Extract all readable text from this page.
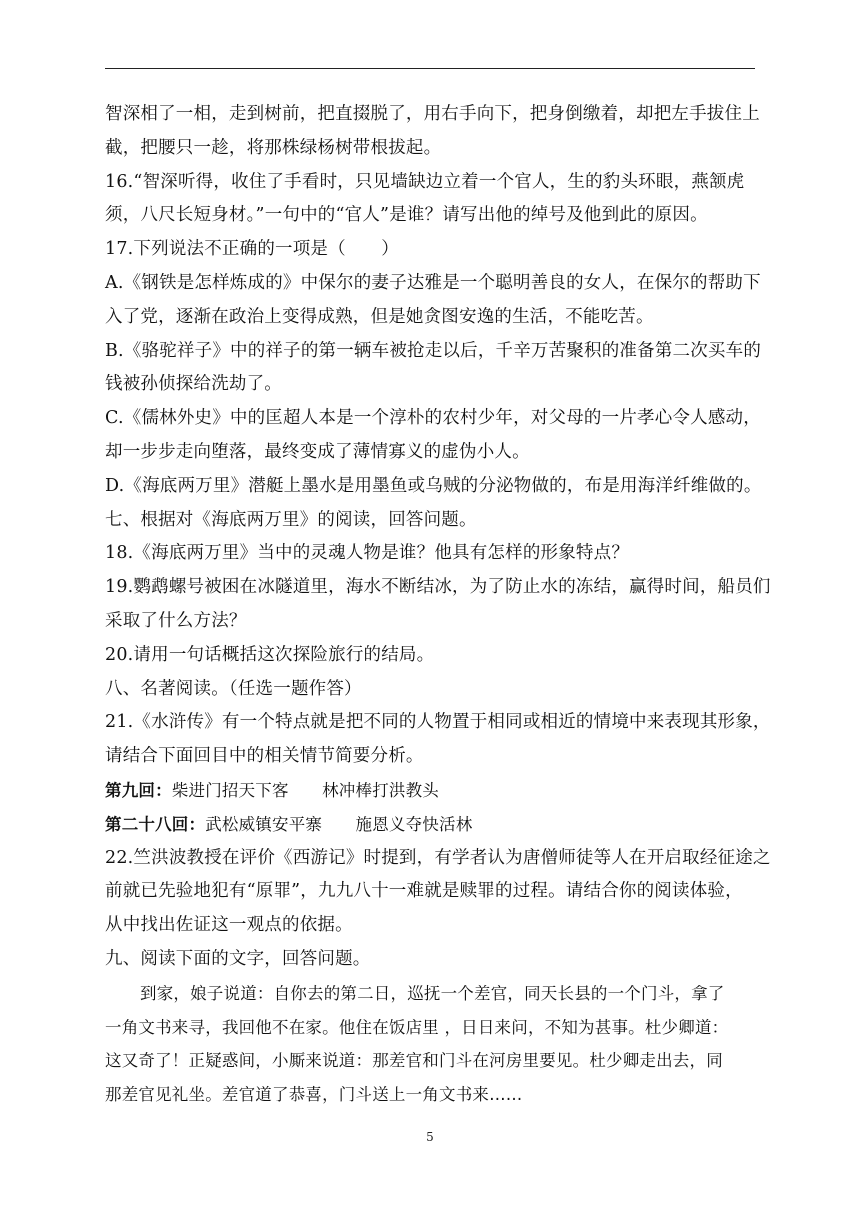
智深相了一相，走到树前，把直掇脱了，用右手向下，把身倒缴着，却把左手拔住上
截，把腰只一趁，将那株绿杨树带根拔起。
16.“智深听得，收住了手看时，只见墙缺边立着一个官人，生的豹头环眼，燕颔虎
须，八尺长短身材。”一句中的“官人”是谁？请写出他的绰号及他到此的原因。
17.下列说法不正确的一项是（　　）
A.《钢铁是怎样炼成的》中保尔的妻子达雅是一个聪明善良的女人，在保尔的帮助下
入了党，逐渐在政治上变得成熟，但是她贪图安逸的生活，不能吃苦。
B.《骆驼祥子》中的祥子的第一辆车被抢走以后，千辛万苦聚积的准备第二次买车的
钱被孙侦探给洗劫了。
C.《儒林外史》中的匡超人本是一个淳朴的农村少年，对父母的一片孝心令人感动，
却一步步走向堕落，最终变成了薄情寡义的虚伪小人。
D.《海底两万里》潜艇上墨水是用墨鱼或乌贼的分泌物做的，布是用海洋纤维做的。
七、根据对《海底两万里》的阅读，回答问题。
18.《海底两万里》当中的灵魂人物是谁？他具有怎样的形象特点？
19.鹦鹉螺号被困在冰隧道里，海水不断结冰，为了防止水的冻结，赢得时间，船员们
采取了什么方法？
20.请用一句话概括这次探险旅行的结局。
八、名著阅读。（任选一题作答）
21.《水浒传》有一个特点就是把不同的人物置于相同或相近的情境中来表现其形象，
请结合下面回目中的相关情节简要分析。
第九回：柴进门招天下客　　林冲棒打洪教头
第二十八回：武松威镇安平寨　　施恩义夺快活林
22.竺洪波教授在评价《西游记》时提到，有学者认为唐僧师徒等人在开启取经征途之
前就已先验地犯有“原罪”，九九八十一难就是赎罪的过程。请结合你的阅读体验，
从中找出佐证这一观点的依据。
九、阅读下面的文字，回答问题。
到家，娘子说道：自你去的第二日，巡抚一个差官，同天长县的一个门斗，拿了
一角文书来寻，我回他不在家。他住在饭店里 ，日日来问，不知为甚事。杜少卿道：
这又奇了！正疑惑间，小厮来说道：那差官和门斗在河房里要见。杜少卿走出去，同
那差官见礼坐。差官道了恭喜，门斗送上一角文书来……
5
